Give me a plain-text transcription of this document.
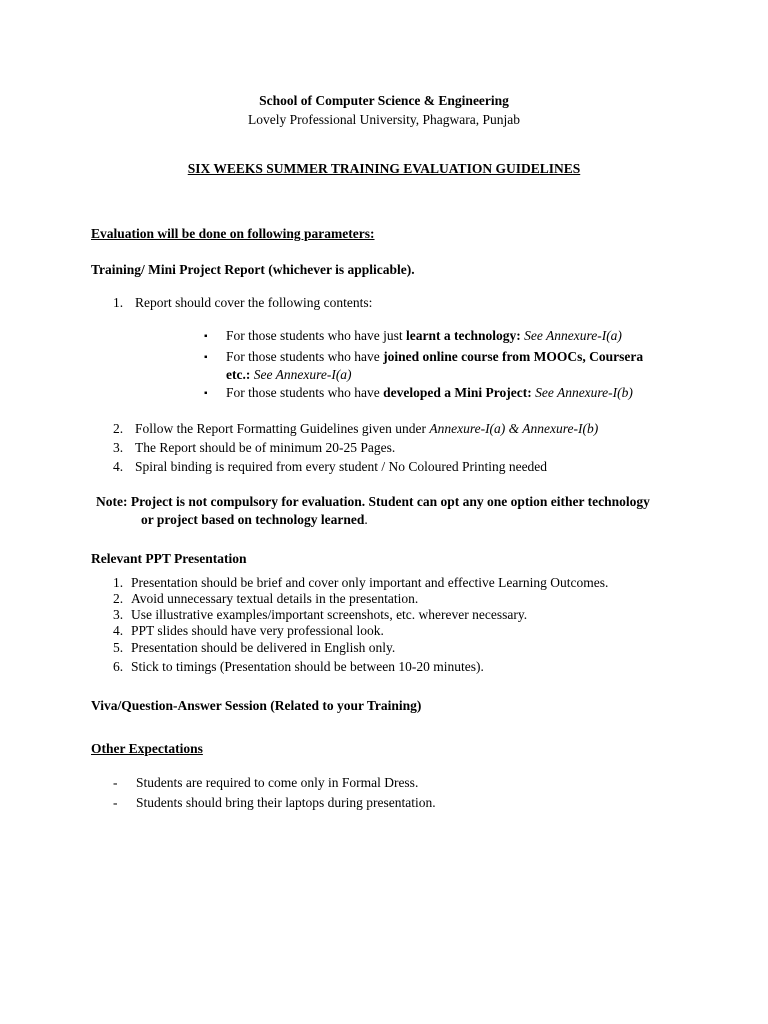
School of Computer Science & Engineering
Lovely Professional University, Phagwara, Punjab
SIX WEEKS SUMMER TRAINING EVALUATION GUIDELINES
Evaluation will be done on following parameters:
Training/ Mini Project Report (whichever is applicable).
1. Report should cover the following contents:
▪ For those students who have just learnt a technology: See Annexure-I(a)
▪ For those students who have joined online course from MOOCs, Coursera
etc.: See Annexure-I(a)
▪ For those students who have developed a Mini Project: See Annexure-I(b)
2. Follow the Report Formatting Guidelines given under Annexure-I(a) & Annexure-I(b)
3. The Report should be of minimum 20-25 Pages.
4. Spiral binding is required from every student / No Coloured Printing needed
Note: Project is not compulsory for evaluation. Student can opt any one option either technology
or project based on technology learned.
Relevant PPT Presentation
1. Presentation should be brief and cover only important and effective Learning Outcomes.
2. Avoid unnecessary textual details in the presentation.
3. Use illustrative examples/important screenshots, etc. wherever necessary.
4. PPT slides should have very professional look.
5. Presentation should be delivered in English only.
6. Stick to timings (Presentation should be between 10-20 minutes).
Viva/Question-Answer Session (Related to your Training)
Other Expectations
- Students are required to come only in Formal Dress.
- Students should bring their laptops during presentation.
